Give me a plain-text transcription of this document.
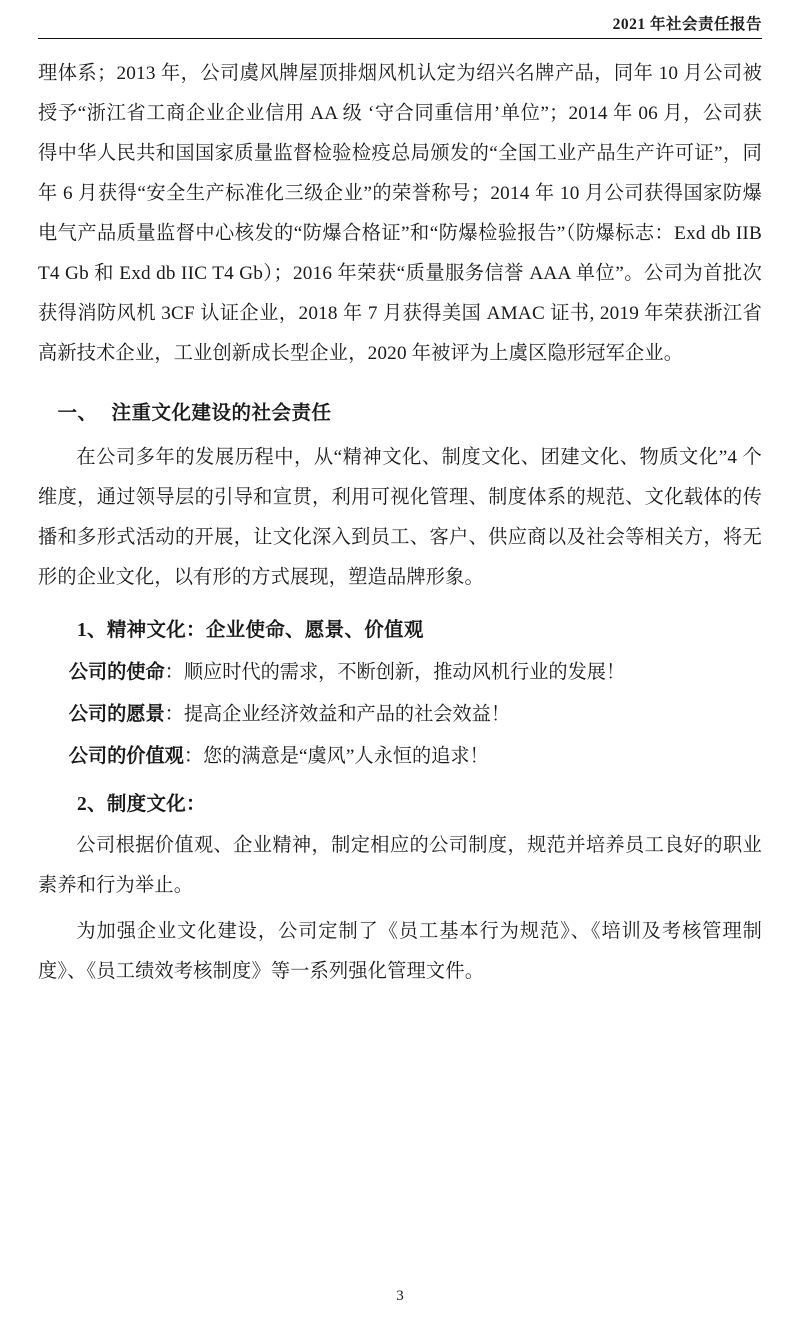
2021 年社会责任报告

理体系；2013 年，公司虞风牌屋顶排烟风机认定为绍兴名牌产品，同年 10 月公司被授予“浙江省工商企业企业信用 AA 级 ‘守合同重信用’单位”；2014 年 06 月，公司获得中华人民共和国国家质量监督检验检疫总局颁发的“全国工业产品生产许可证”，同年 6 月获得“安全生产标准化三级企业”的荣誉称号；2014 年 10 月公司获得国家防爆电气产品质量监督中心核发的“防爆合格证”和“防爆检验报告”（防爆标志：Exd db IIB T4 Gb 和 Exd db IIC T4 Gb）；2016 年荣获“质量服务信誉 AAA 单位”。公司为首批次获得消防风机 3CF 认证企业，2018 年 7 月获得美国 AMAC 证书, 2019 年荣获浙江省高新技术企业，工业创新成长型企业，2020 年被评为上虞区隐形冠军企业。

一、 注重文化建设的社会责任

在公司多年的发展历程中，从“精神文化、制度文化、团建文化、物质文化”4 个维度，通过领导层的引导和宣贯，利用可视化管理、制度体系的规范、文化载体的传播和多形式活动的开展，让文化深入到员工、客户、供应商以及社会等相关方，将无形的企业文化，以有形的方式展现，塑造品牌形象。

1、精神文化：企业使命、愿景、价值观

公司的使命：顺应时代的需求，不断创新，推动风机行业的发展！

公司的愿景：提高企业经济效益和产品的社会效益！

公司的价值观：您的满意是“虞风”人永恒的追求！

2、制度文化：

公司根据价值观、企业精神，制定相应的公司制度，规范并培养员工良好的职业素养和行为举止。

为加强企业文化建设，公司定制了《员工基本行为规范》、《培训及考核管理制度》、《员工绩效考核制度》等一系列强化管理文件。

3
